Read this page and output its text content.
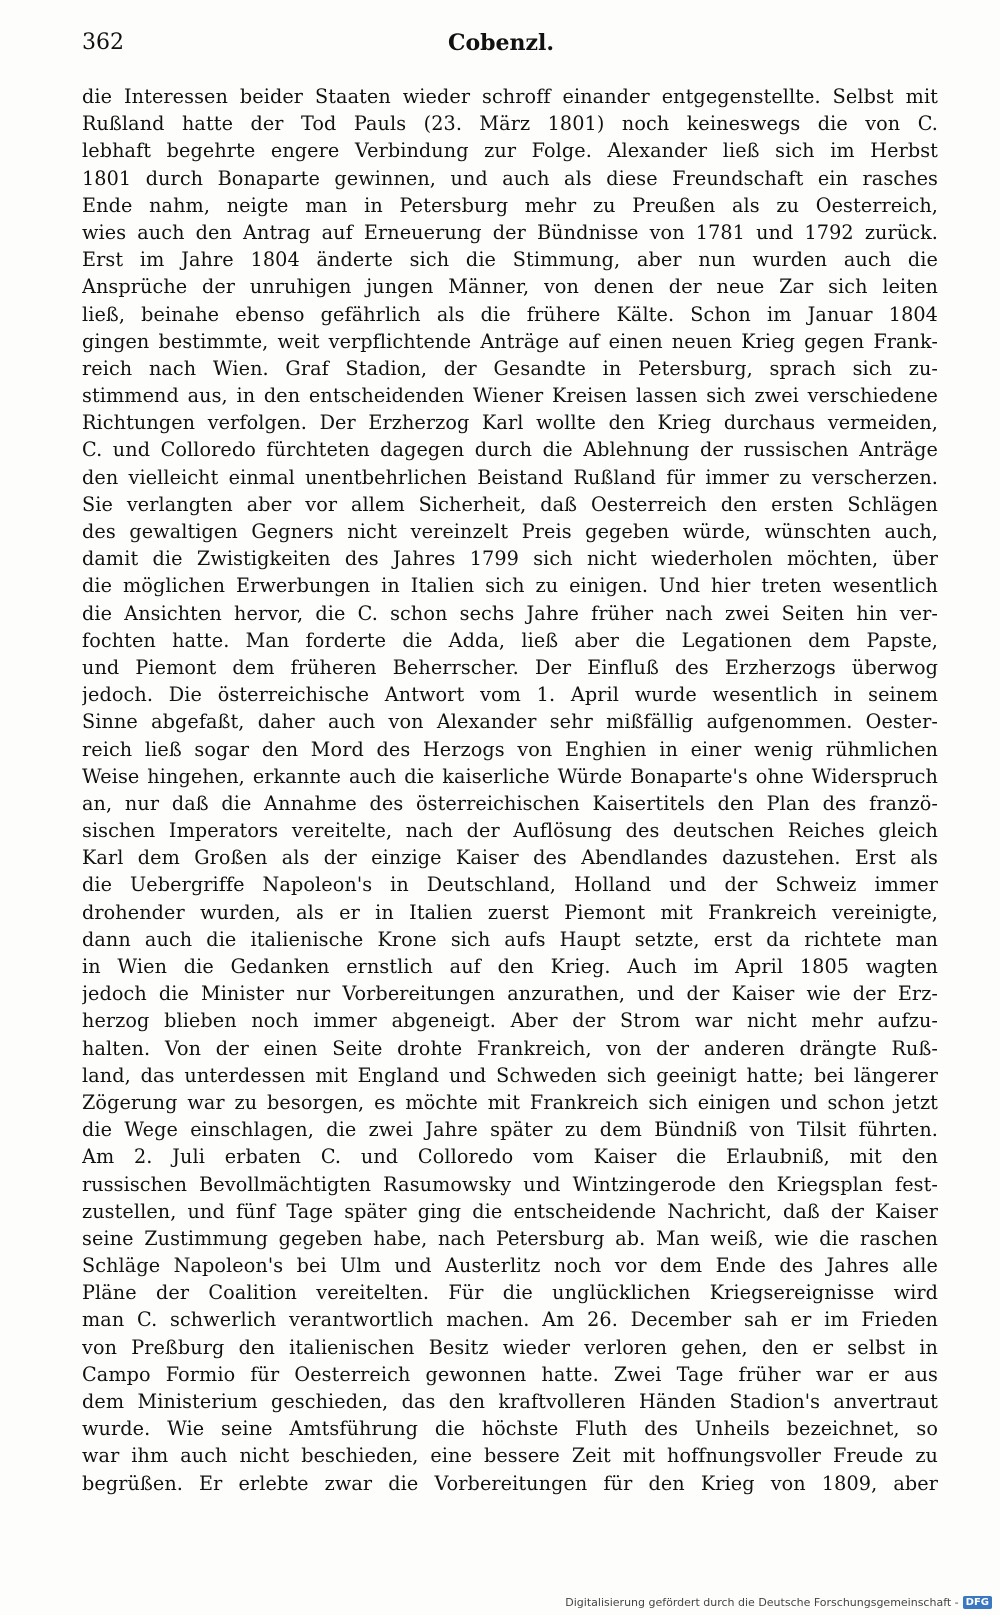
362	Cobenzl.
die Interessen beider Staaten wieder schroff einander entgegenstellte. Selbst mit
Rußland hatte der Tod Pauls (23. März 1801) noch keineswegs die von C.
lebhaft begehrte engere Verbindung zur Folge. Alexander ließ sich im Herbst
1801 durch Bonaparte gewinnen, und auch als diese Freundschaft ein rasches
Ende nahm, neigte man in Petersburg mehr zu Preußen als zu Oesterreich,
wies auch den Antrag auf Erneuerung der Bündnisse von 1781 und 1792 zurück.
Erst im Jahre 1804 änderte sich die Stimmung, aber nun wurden auch die
Ansprüche der unruhigen jungen Männer, von denen der neue Zar sich leiten
ließ, beinahe ebenso gefährlich als die frühere Kälte. Schon im Januar 1804
gingen bestimmte, weit verpflichtende Anträge auf einen neuen Krieg gegen Frank-
reich nach Wien. Graf Stadion, der Gesandte in Petersburg, sprach sich zu-
stimmend aus, in den entscheidenden Wiener Kreisen lassen sich zwei verschiedene
Richtungen verfolgen. Der Erzherzog Karl wollte den Krieg durchaus vermeiden,
C. und Colloredo fürchteten dagegen durch die Ablehnung der russischen Anträge
den vielleicht einmal unentbehrlichen Beistand Rußland für immer zu verscherzen.
Sie verlangten aber vor allem Sicherheit, daß Oesterreich den ersten Schlägen
des gewaltigen Gegners nicht vereinzelt Preis gegeben würde, wünschten auch,
damit die Zwistigkeiten des Jahres 1799 sich nicht wiederholen möchten, über
die möglichen Erwerbungen in Italien sich zu einigen. Und hier treten wesentlich
die Ansichten hervor, die C. schon sechs Jahre früher nach zwei Seiten hin ver-
fochten hatte. Man forderte die Adda, ließ aber die Legationen dem Papste,
und Piemont dem früheren Beherrscher. Der Einfluß des Erzherzogs überwog
jedoch. Die österreichische Antwort vom 1. April wurde wesentlich in seinem
Sinne abgefaßt, daher auch von Alexander sehr mißfällig aufgenommen. Oester-
reich ließ sogar den Mord des Herzogs von Enghien in einer wenig rühmlichen
Weise hingehen, erkannte auch die kaiserliche Würde Bonaparte's ohne Widerspruch
an, nur daß die Annahme des österreichischen Kaisertitels den Plan des franzö-
sischen Imperators vereitelte, nach der Auflösung des deutschen Reiches gleich
Karl dem Großen als der einzige Kaiser des Abendlandes dazustehen. Erst als
die Uebergriffe Napoleon's in Deutschland, Holland und der Schweiz immer
drohender wurden, als er in Italien zuerst Piemont mit Frankreich vereinigte,
dann auch die italienische Krone sich aufs Haupt setzte, erst da richtete man
in Wien die Gedanken ernstlich auf den Krieg. Auch im April 1805 wagten
jedoch die Minister nur Vorbereitungen anzurathen, und der Kaiser wie der Erz-
herzog blieben noch immer abgeneigt. Aber der Strom war nicht mehr aufzu-
halten. Von der einen Seite drohte Frankreich, von der anderen drängte Ruß-
land, das unterdessen mit England und Schweden sich geeinigt hatte; bei längerer
Zögerung war zu besorgen, es möchte mit Frankreich sich einigen und schon jetzt
die Wege einschlagen, die zwei Jahre später zu dem Bündniß von Tilsit führten.
Am 2. Juli erbaten C. und Colloredo vom Kaiser die Erlaubniß, mit den
russischen Bevollmächtigten Rasumowsky und Wintzingerode den Kriegsplan fest-
zustellen, und fünf Tage später ging die entscheidende Nachricht, daß der Kaiser
seine Zustimmung gegeben habe, nach Petersburg ab. Man weiß, wie die raschen
Schläge Napoleon's bei Ulm und Austerlitz noch vor dem Ende des Jahres alle
Pläne der Coalition vereitelten. Für die unglücklichen Kriegsereignisse wird
man C. schwerlich verantwortlich machen. Am 26. December sah er im Frieden
von Preßburg den italienischen Besitz wieder verloren gehen, den er selbst in
Campo Formio für Oesterreich gewonnen hatte. Zwei Tage früher war er aus
dem Ministerium geschieden, das den kraftvolleren Händen Stadion's anvertraut
wurde. Wie seine Amtsführung die höchste Fluth des Unheils bezeichnet, so
war ihm auch nicht beschieden, eine bessere Zeit mit hoffnungsvoller Freude zu
begrüßen. Er erlebte zwar die Vorbereitungen für den Krieg von 1809, aber
Digitalisierung gefördert durch die Deutsche Forschungsgemeinschaft - DFG
